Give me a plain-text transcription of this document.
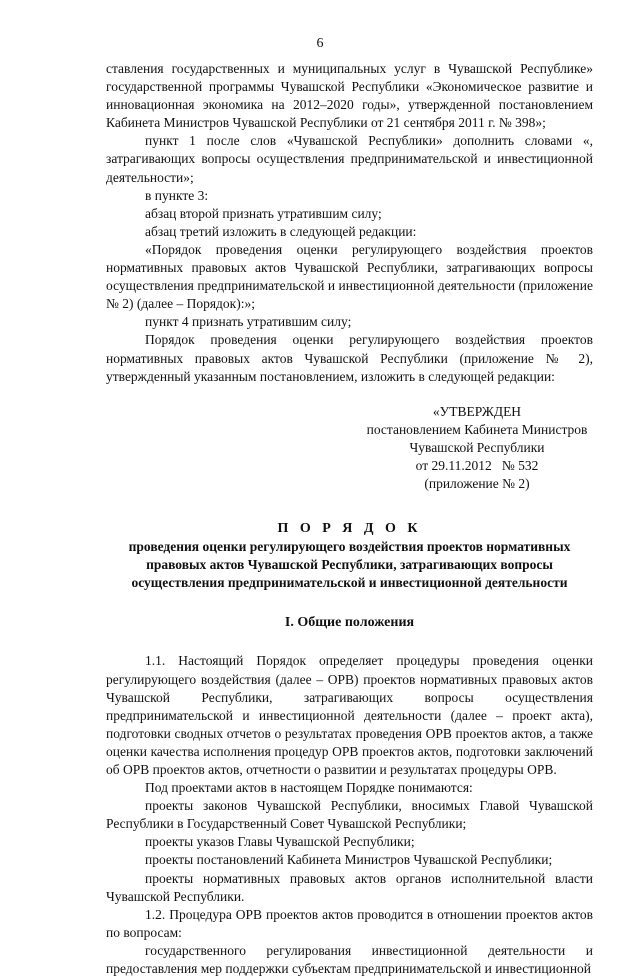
6

ставления государственных и муниципальных услуг в Чувашской Республике» государственной программы Чувашской Республики «Экономическое развитие и инновационная экономика на 2012–2020 годы», утвержденной постановлением Кабинета Министров Чувашской Республики от 21 сентября 2011 г. № 398»;

пункт 1 после слов «Чувашской Республики» дополнить словами «, затрагивающих вопросы осуществления предпринимательской и инвестиционной деятельности»;

в пункте 3:

абзац второй признать утратившим силу;

абзац третий изложить в следующей редакции:

«Порядок проведения оценки регулирующего воздействия проектов нормативных правовых актов Чувашской Республики, затрагивающих вопросы осуществления предпринимательской и инвестиционной деятельности (приложение № 2) (далее – Порядок):»;

пункт 4 признать утратившим силу;

Порядок проведения оценки регулирующего воздействия проектов нормативных правовых актов Чувашской Республики (приложение № 2), утвержденный указанным постановлением, изложить в следующей редакции:

«УТВЕРЖДЕН
постановлением Кабинета Министров
Чувашской Республики
от 29.11.2012   № 532
(приложение № 2)
П О Р Я Д О К
проведения оценки регулирующего воздействия проектов нормативных правовых актов Чувашской Республики, затрагивающих вопросы осуществления предпринимательской и инвестиционной деятельности
I. Общие положения

1.1. Настоящий Порядок определяет процедуры проведения оценки регулирующего воздействия (далее – ОРВ) проектов нормативных правовых актов Чувашской Республики, затрагивающих вопросы осуществления предпринимательской и инвестиционной деятельности (далее – проект акта), подготовки сводных отчетов о результатах проведения ОРВ проектов актов, а также оценки качества исполнения процедур ОРВ проектов актов, подготовки заключений об ОРВ проектов актов, отчетности о развитии и результатах процедуры ОРВ.

Под проектами актов в настоящем Порядке понимаются:

проекты законов Чувашской Республики, вносимых Главой Чувашской Республики в Государственный Совет Чувашской Республики;

проекты указов Главы Чувашской Республики;

проекты постановлений Кабинета Министров Чувашской Республики;

проекты нормативных правовых актов органов исполнительной власти Чувашской Республики.

1.2. Процедура ОРВ проектов актов проводится в отношении проектов актов по вопросам:

государственного регулирования инвестиционной деятельности и предоставления мер поддержки субъектам предпринимательской и инвестиционной
